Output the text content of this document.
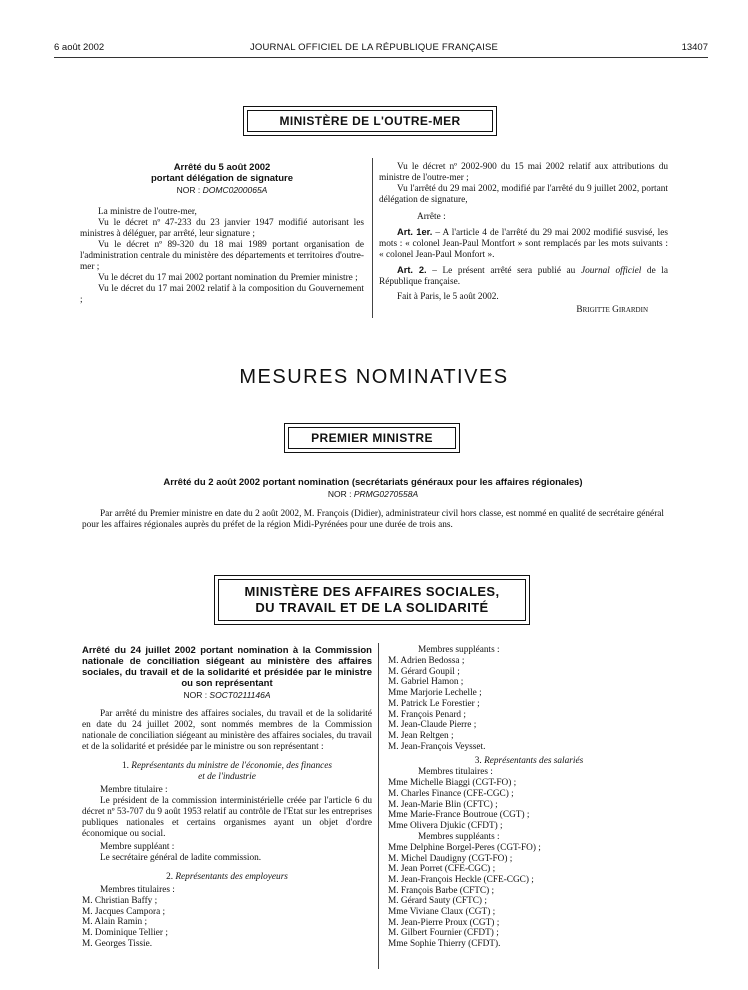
6 août 2002	JOURNAL OFFICIEL DE LA RÉPUBLIQUE FRANÇAISE	13407
MINISTÈRE DE L'OUTRE-MER
Arrêté du 5 août 2002
portant délégation de signature
NOR : DOMC0200065A

La ministre de l'outre-mer,

Vu le décret nº 47-233 du 23 janvier 1947 modifié autorisant les ministres à déléguer, par arrêté, leur signature ;

Vu le décret nº 89-320 du 18 mai 1989 portant organisation de l'administration centrale du ministère des départements et territoires d'outre-mer ;

Vu le décret du 17 mai 2002 portant nomination du Premier ministre ;

Vu le décret du 17 mai 2002 relatif à la composition du Gouvernement ;

Vu le décret nº 2002-900 du 15 mai 2002 relatif aux attributions du ministre de l'outre-mer ;

Vu l'arrêté du 29 mai 2002, modifié par l'arrêté du 9 juillet 2002, portant délégation de signature,

Arrête :

Art. 1er. – A l'article 4 de l'arrêté du 29 mai 2002 modifié susvisé, les mots : « colonel Jean-Paul Montfort » sont remplacés par les mots suivants : « colonel Jean-Paul Monfort ».

Art. 2. – Le présent arrêté sera publié au Journal officiel de la République française.

Fait à Paris, le 5 août 2002.

Brigitte Girardin

MESURES NOMINATIVES
PREMIER MINISTRE
Arrêté du 2 août 2002 portant nomination (secrétariats généraux pour les affaires régionales)
NOR : PRMG0270558A

Par arrêté du Premier ministre en date du 2 août 2002, M. François (Didier), administrateur civil hors classe, est nommé en qualité de secrétaire général pour les affaires régionales auprès du préfet de la région Midi-Pyrénées pour une durée de trois ans.

MINISTÈRE DES AFFAIRES SOCIALES,
DU TRAVAIL ET DE LA SOLIDARITÉ
Arrêté du 24 juillet 2002 portant nomination à la Commission nationale de conciliation siégeant au ministère des affaires sociales, du travail et de la solidarité et présidée par le ministre ou son représentant
NOR : SOCT0211146A

Par arrêté du ministre des affaires sociales, du travail et de la solidarité en date du 24 juillet 2002, sont nommés membres de la Commission nationale de conciliation siégeant au ministère des affaires sociales, du travail et de la solidarité et présidée par le ministre ou son représentant :

1. Représentants du ministre de l'économie, des finances et de l'industrie

Membre titulaire :

Le président de la commission interministérielle créée par l'article 6 du décret nº 53-707 du 9 août 1953 relatif au contrôle de l'Etat sur les entreprises publiques nationales et certains organismes ayant un objet d'ordre économique ou social.

Membre suppléant :

Le secrétaire général de ladite commission.

2. Représentants des employeurs

Membres titulaires :

M. Christian Baffy ;
M. Jacques Campora ;
M. Alain Ramin ;
M. Dominique Tellier ;
M. Georges Tissie.

Membres suppléants :

M. Adrien Bedossa ;
M. Gérard Goupil ;
M. Gabriel Hamon ;
Mme Marjorie Lechelle ;
M. Patrick Le Forestier ;
M. François Penard ;
M. Jean-Claude Pierre ;
M. Jean Reltgen ;
M. Jean-François Veysset.

3. Représentants des salariés

Membres titulaires :

Mme Michelle Biaggi (CGT-FO) ;
M. Charles Finance (CFE-CGC) ;
M. Jean-Marie Blin (CFTC) ;
Mme Marie-France Boutroue (CGT) ;
Mme Olivera Djukic (CFDT) ;

Membres suppléants :

Mme Delphine Borgel-Peres (CGT-FO) ;
M. Michel Daudigny (CGT-FO) ;
M. Jean Porret (CFE-CGC) ;
M. Jean-François Heckle (CFE-CGC) ;
M. François Barbe (CFTC) ;
M. Gérard Sauty (CFTC) ;
Mme Viviane Claux (CGT) ;
M. Jean-Pierre Proux (CGT) ;
M. Gilbert Fournier (CFDT) ;
Mme Sophie Thierry (CFDT).
